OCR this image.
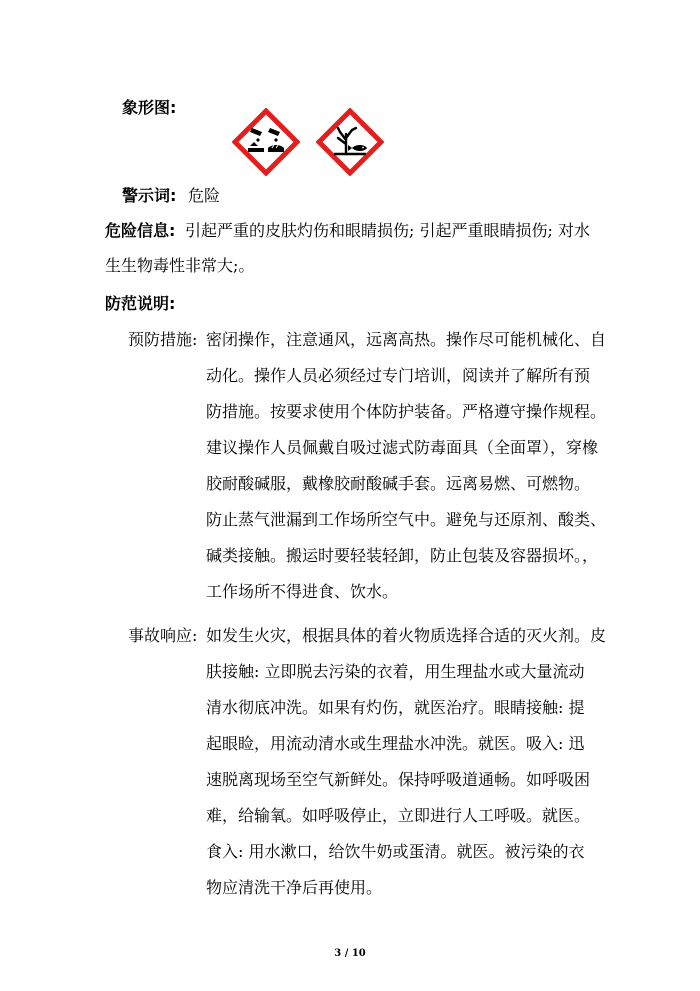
象形图:
警示词: 危险
危险信息: 引起严重的皮肤灼伤和眼睛损伤; 引起严重眼睛损伤; 对水
生生物毒性非常大;。
防范说明:
预防措施: 密闭操作，注意通风，远离高热。操作尽可能机械化、自
动化。操作人员必须经过专门培训，阅读并了解所有预
防措施。按要求使用个体防护装备。严格遵守操作规程。
建议操作人员佩戴自吸过滤式防毒面具（全面罩），穿橡
胶耐酸碱服，戴橡胶耐酸碱手套。远离易燃、可燃物。
防止蒸气泄漏到工作场所空气中。避免与还原剂、酸类、
碱类接触。搬运时要轻装轻卸，防止包装及容器损坏。，
工作场所不得进食、饮水。
事故响应: 如发生火灾，根据具体的着火物质选择合适的灭火剂。皮
肤接触: 立即脱去污染的衣着，用生理盐水或大量流动
清水彻底冲洗。如果有灼伤，就医治疗。眼睛接触: 提
起眼睑，用流动清水或生理盐水冲洗。就医。吸入: 迅
速脱离现场至空气新鲜处。保持呼吸道通畅。如呼吸困
难，给输氧。如呼吸停止，立即进行人工呼吸。就医。
食入: 用水漱口，给饮牛奶或蛋清。就医。被污染的衣
物应清洗干净后再使用。
3 / 10
